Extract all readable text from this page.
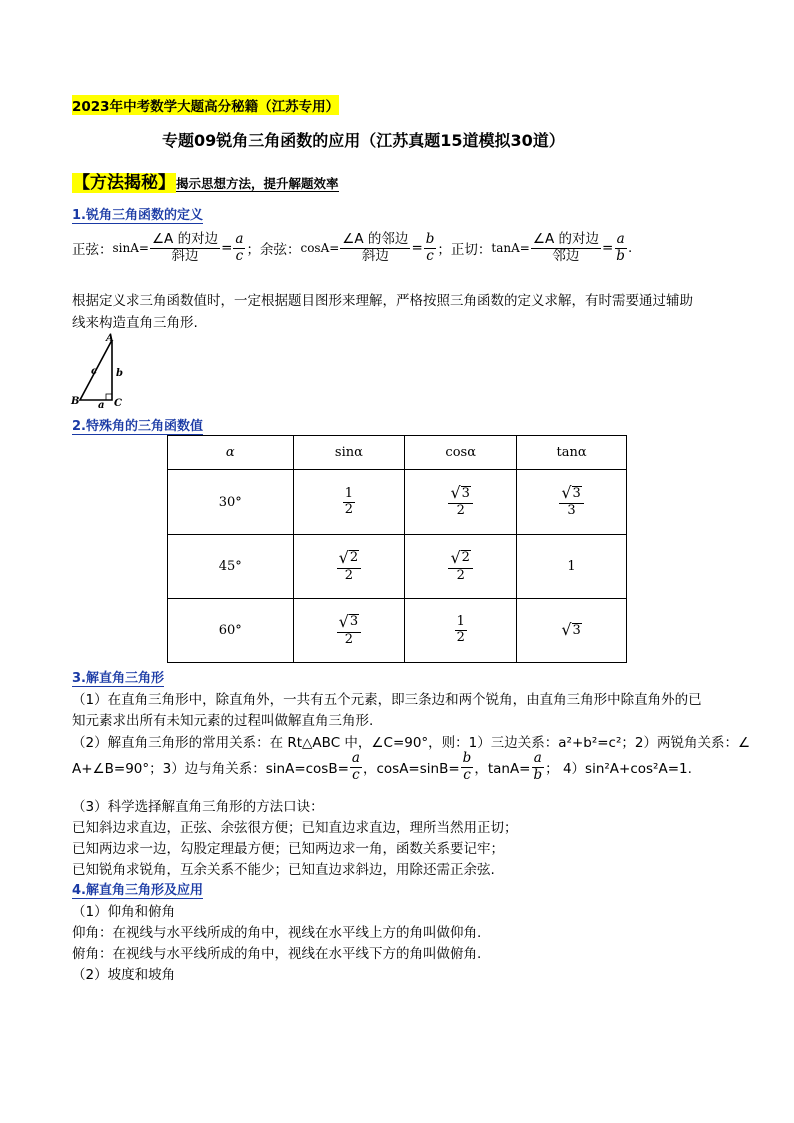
2023年中考数学大题高分秘籍（江苏专用）
专题09锐角三角函数的应用（江苏真题15道模拟30道）
【方法揭秘】揭示思想方法，提升解题效率
1.锐角三角函数的定义
正弦： $\sin A= \frac{\text{∠A 的对边}}{\text{斜边}} = \frac{a}{c}$ ；余弦： $\cos A= \frac{\text{∠A 的邻边}}{\text{斜边}} = \frac{b}{c}$ ；正切： $\tan A= \frac{\text{∠A 的对边}}{\text{邻边}} = \frac{a}{b}$ .
根据定义求三角函数值时，一定根据题目图形来理解，严格按照三角函数的定义求解，有时需要通过辅助
线来构造直角三角形.
A
B	C
c b
a
2.特殊角的三角函数值
α	sinα	cosα	tanα
30°	$\frac{1}{2}$	$\frac{√ 3}{2}$	$\frac{√ 3}{3}$

45°	$\frac{√ 2}{2}$	$\frac{√ 2}{2}$	1
60°	$\frac{√ 3}{2}$	$\frac{1}{2}$	√ 3
3.解直角三角形
（1）在直角三角形中，除直角外，一共有五个元素，即三条边和两个锐角，由直角三角形中除直角外的已
知元素求出所有未知元素的过程叫做解直角三角形.
（2）解直角三角形的常用关系：在 Rt△ABC 中，∠C=90°，则：1）三边关系：a²+b²=c²；2）两锐角关系：∠
A+∠B=90°；3）边与角关系：$\sin A=\cos B= \frac{a}{c}$ ，$\cos A=\sin B= \frac{b}{c}$ ，$\tan A= \frac{a}{b}$ ； 4）sin²A+cos²A=1.
（3）科学选择解直角三角形的方法口诀：
已知斜边求直边，正弦、余弦很方便；已知直边求直边，理所当然用正切；
已知两边求一边，勾股定理最方便；已知两边求一角，函数关系要记牢；
已知锐角求锐角，互余关系不能少；已知直边求斜边，用除还需正余弦.
4.解直角三角形及应用
（1）仰角和俯角
仰角：在视线与水平线所成的角中，视线在水平线上方的角叫做仰角.
俯角：在视线与水平线所成的角中，视线在水平线下方的角叫做俯角.
（2）坡度和坡角
